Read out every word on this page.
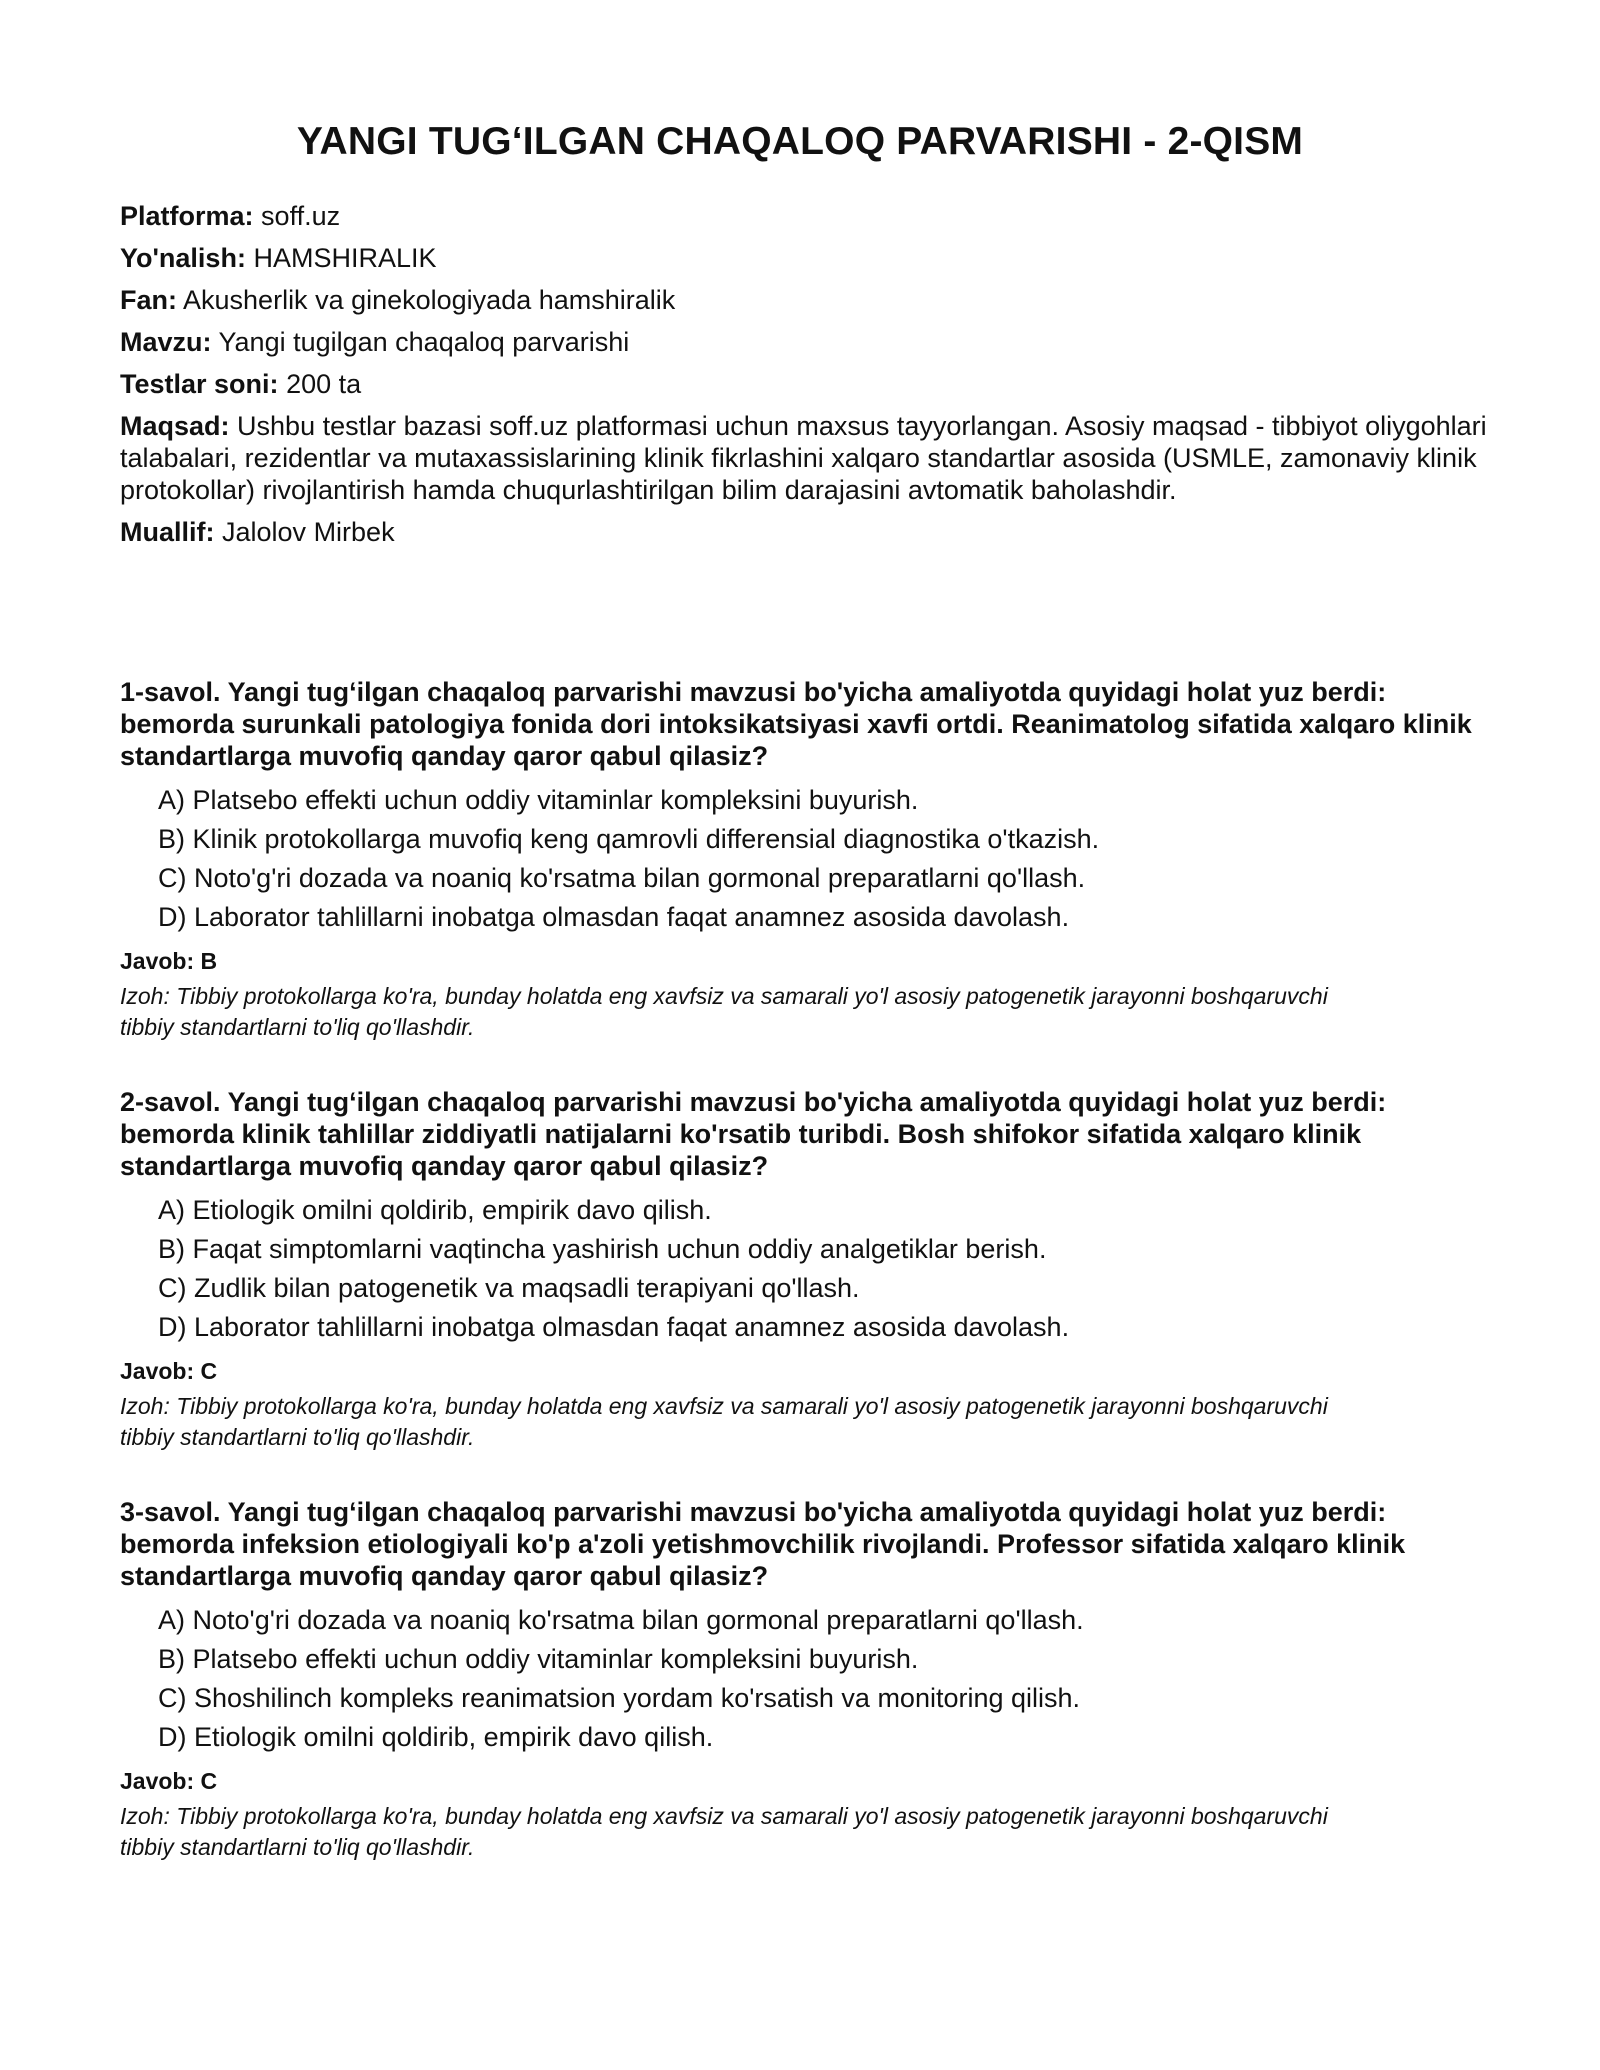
YANGI TUG‘ILGAN CHAQALOQ PARVARISHI - 2-QISM
Platforma: soff.uz
Yo'nalish: HAMSHIRALIK
Fan: Akusherlik va ginekologiyada hamshiralik
Mavzu: Yangi tugilgan chaqaloq parvarishi
Testlar soni: 200 ta
Maqsad: Ushbu testlar bazasi soff.uz platformasi uchun maxsus tayyorlangan. Asosiy maqsad - tibbiyot oliygohlari talabalari, rezidentlar va mutaxassislarining klinik fikrlashini xalqaro standartlar asosida (USMLE, zamonaviy klinik protokollar) rivojlantirish hamda chuqurlashtirilgan bilim darajasini avtomatik baholashdir.
Muallif: Jalolov Mirbek
1-savol. Yangi tug‘ilgan chaqaloq parvarishi mavzusi bo'yicha amaliyotda quyidagi holat yuz berdi: bemorda surunkali patologiya fonida dori intoksikatsiyasi xavfi ortdi. Reanimatolog sifatida xalqaro klinik standartlarga muvofiq qanday qaror qabul qilasiz?
A) Platsebo effekti uchun oddiy vitaminlar kompleksini buyurish.
B) Klinik protokollarga muvofiq keng qamrovli differensial diagnostika o'tkazish.
C) Noto'g'ri dozada va noaniq ko'rsatma bilan gormonal preparatlarni qo'llash.
D) Laborator tahlillarni inobatga olmasdan faqat anamnez asosida davolash.
Javob: B
Izoh: Tibbiy protokollarga ko'ra, bunday holatda eng xavfsiz va samarali yo'l asosiy patogenetik jarayonni boshqaruvchi tibbiy standartlarni to'liq qo'llashdir.
2-savol. Yangi tug‘ilgan chaqaloq parvarishi mavzusi bo'yicha amaliyotda quyidagi holat yuz berdi: bemorda klinik tahlillar ziddiyatli natijalarni ko'rsatib turibdi. Bosh shifokor sifatida xalqaro klinik standartlarga muvofiq qanday qaror qabul qilasiz?
A) Etiologik omilni qoldirib, empirik davo qilish.
B) Faqat simptomlarni vaqtincha yashirish uchun oddiy analgetiklar berish.
C) Zudlik bilan patogenetik va maqsadli terapiyani qo'llash.
D) Laborator tahlillarni inobatga olmasdan faqat anamnez asosida davolash.
Javob: C
Izoh: Tibbiy protokollarga ko'ra, bunday holatda eng xavfsiz va samarali yo'l asosiy patogenetik jarayonni boshqaruvchi tibbiy standartlarni to'liq qo'llashdir.
3-savol. Yangi tug‘ilgan chaqaloq parvarishi mavzusi bo'yicha amaliyotda quyidagi holat yuz berdi: bemorda infeksion etiologiyali ko'p a'zoli yetishmovchilik rivojlandi. Professor sifatida xalqaro klinik standartlarga muvofiq qanday qaror qabul qilasiz?
A) Noto'g'ri dozada va noaniq ko'rsatma bilan gormonal preparatlarni qo'llash.
B) Platsebo effekti uchun oddiy vitaminlar kompleksini buyurish.
C) Shoshilinch kompleks reanimatsion yordam ko'rsatish va monitoring qilish.
D) Etiologik omilni qoldirib, empirik davo qilish.
Javob: C
Izoh: Tibbiy protokollarga ko'ra, bunday holatda eng xavfsiz va samarali yo'l asosiy patogenetik jarayonni boshqaruvchi tibbiy standartlarni to'liq qo'llashdir.
